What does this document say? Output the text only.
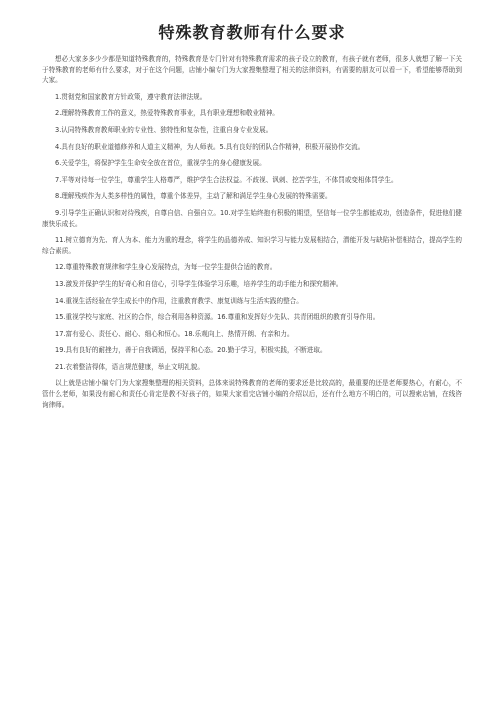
特殊教育教师有什么要求

想必大家多多少少都是知道特殊教育的，特殊教育是专门针对有特殊教育需求的孩子设立的教育，有孩子就有老师，很多人就想了解一下关于特殊教育的老师有什么要求，对于在这个问题，店铺小编专门为大家搜集整理了相关的法律资料，有需要的朋友可以看一下，希望能够帮助到大家。

1.贯彻党和国家教育方针政策，遵守教育法律法规。

2.理解特殊教育工作的意义，热爱特殊教育事业，具有职业理想和敬业精神。

3.认同特殊教育教师职业的专业性、独特性和复杂性，注重自身专业发展。

4.具有良好的职业道德修养和人道主义精神，为人师表。5.具有良好的团队合作精神，积极开展协作交流。

6.关爱学生，将保护学生生命安全放在首位，重视学生的身心健康发展。

7.平等对待每一位学生，尊重学生人格尊严，维护学生合法权益。不歧视、讽刺、挖苦学生，不体罚或变相体罚学生。

8.理解残疾作为人类多样性的属性，尊重个体差异，主动了解和满足学生身心发展的特殊需要。

9.引导学生正确认识和对待残疾，自尊自信、自强自立。10.对学生始终抱有积极的期望，坚信每一位学生都能成功，创造条件，促进他们健康快乐成长。

11.树立德育为先、育人为本、能力为重的理念，将学生的品德养成、知识学习与能力发展相结合，潜能开发与缺陷补偿相结合，提高学生的综合素质。

12.尊重特殊教育规律和学生身心发展特点，为每一位学生提供合适的教育。

13.激发并保护学生的好奇心和自信心，引导学生体验学习乐趣，培养学生的动手能力和探究精神。

14.重视生活经验在学生成长中的作用，注重教育教学、康复训练与生活实践的整合。

15.重视学校与家庭、社区的合作，综合利用各种资源。16.尊重和发挥好少先队、共青团组织的教育引导作用。

17.富有爱心、责任心、耐心、细心和恒心。18.乐观向上、热情开朗、有亲和力。

19.具有良好的耐挫力，善于自我调适，保持平和心态。20.勤于学习，积极实践，不断进取。

21.衣着整洁得体，语言规范健康，举止文明礼貌。

以上就是店铺小编专门为大家搜集整理的相关资料，总体来说特殊教育的老师的要求还是比较高的，最重要的还是老师要热心，有耐心，不管什么老师，如果没有耐心和责任心肯定是教不好孩子的，如果大家看完店铺小编的介绍以后，还有什么地方不明白的，可以搜索店铺，在线咨询律师。
